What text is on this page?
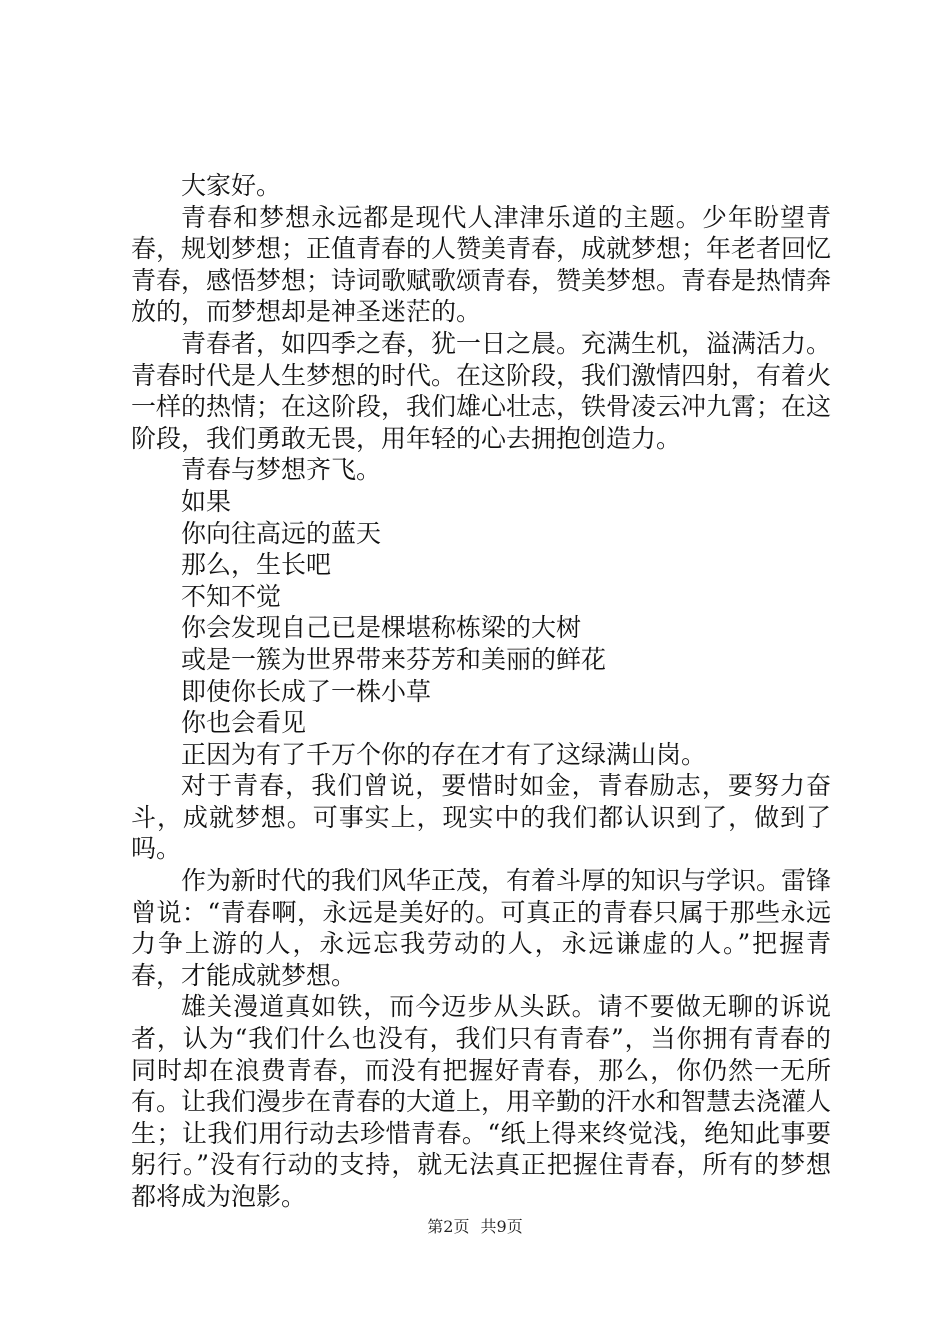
大家好。

青春和梦想永远都是现代人津津乐道的主题。少年盼望青春，规划梦想；正值青春的人赞美青春，成就梦想；年老者回忆青春，感悟梦想；诗词歌赋歌颂青春，赞美梦想。青春是热情奔放的，而梦想却是神圣迷茫的。

青春者，如四季之春，犹一日之晨。充满生机，溢满活力。青春时代是人生梦想的时代。在这阶段，我们激情四射，有着火一样的热情；在这阶段，我们雄心壮志，铁骨凌云冲九霄；在这阶段，我们勇敢无畏，用年轻的心去拥抱创造力。

青春与梦想齐飞。

如果

你向往高远的蓝天

那么，生长吧

不知不觉

你会发现自己已是棵堪称栋梁的大树

或是一簇为世界带来芬芳和美丽的鲜花

即使你长成了一株小草

你也会看见

正因为有了千万个你的存在才有了这绿满山岗。

对于青春，我们曾说，要惜时如金，青春励志，要努力奋斗，成就梦想。可事实上，现实中的我们都认识到了，做到了吗。

作为新时代的我们风华正茂，有着斗厚的知识与学识。雷锋曾说：“青春啊，永远是美好的。可真正的青春只属于那些永远力争上游的人，永远忘我劳动的人，永远谦虚的人。”把握青春，才能成就梦想。

雄关漫道真如铁，而今迈步从头跃。请不要做无聊的诉说者，认为“我们什么也没有，我们只有青春”，当你拥有青春的同时却在浪费青春，而没有把握好青春，那么，你仍然一无所有。让我们漫步在青春的大道上，用辛勤的汗水和智慧去浇灌人生；让我们用行动去珍惜青春。“纸上得来终觉浅，绝知此事要躬行。”没有行动的支持，就无法真正把握住青春，所有的梦想都将成为泡影。

第2页 共9页
